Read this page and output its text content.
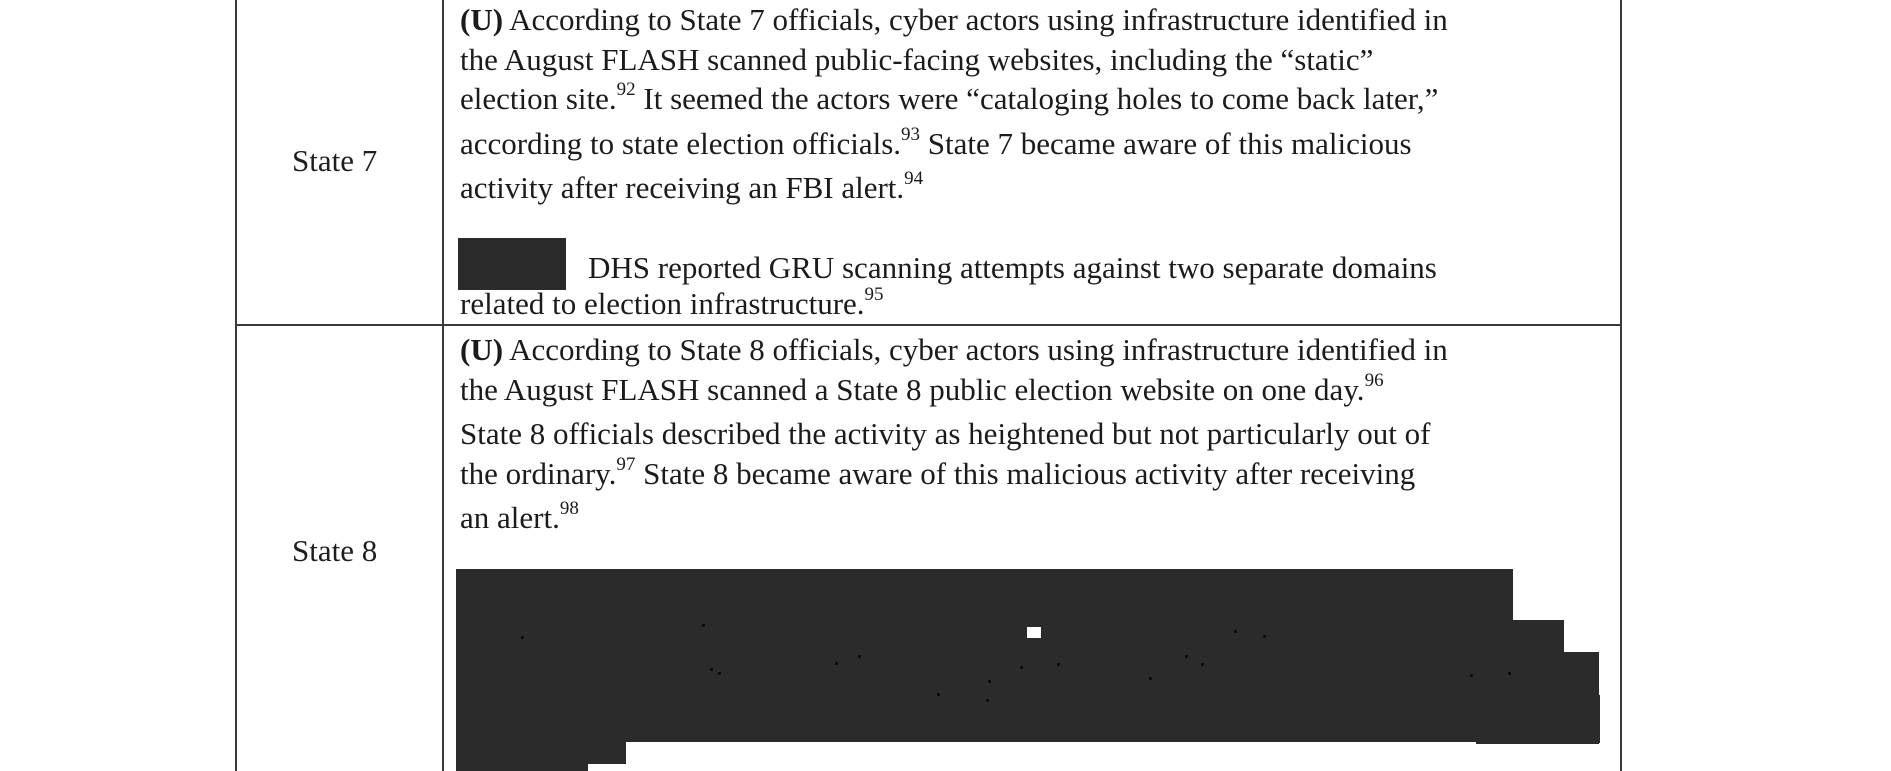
State 7

(U) According to State 7 officials, cyber actors using infrastructure identified in

the August FLASH scanned public-facing websites, including the “static”

election site.$^{92}$ It seemed the actors were “cataloging holes to come back later,”

according to state election officials.$^{93}$ State 7 became aware of this malicious

activity after receiving an FBI alert.$^{94}$

DHS reported GRU scanning attempts against two separate domains

related to election infrastructure.$^{95}$

State 8

(U) According to State 8 officials, cyber actors using infrastructure identified in

the August FLASH scanned a State 8 public election website on one day.$^{96}$

State 8 officials described the activity as heightened but not particularly out of

the ordinary.$^{97}$ State 8 became aware of this malicious activity after receiving

an alert.$^{98}$
